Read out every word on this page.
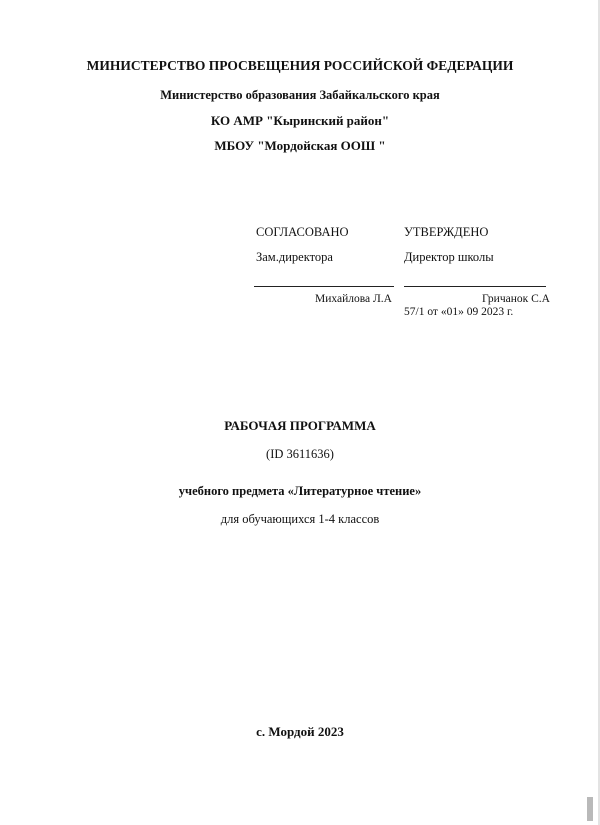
МИНИСТЕРСТВО ПРОСВЕЩЕНИЯ РОССИЙСКОЙ ФЕДЕРАЦИИ
Министерство образования Забайкальского края
КО АМР "Кыринский район"
МБОУ "Мордойская ООШ "
СОГЛАСОВАНО
Зам.директора
Михайлова Л.А
УТВЕРЖДЕНО
Директор школы
Гричанок С.А
57/1 от «01» 09 2023 г.
РАБОЧАЯ ПРОГРАММА
(ID 3611636)
учебного предмета «Литературное чтение»
для обучающихся 1-4 классов
с. Мордой 2023
